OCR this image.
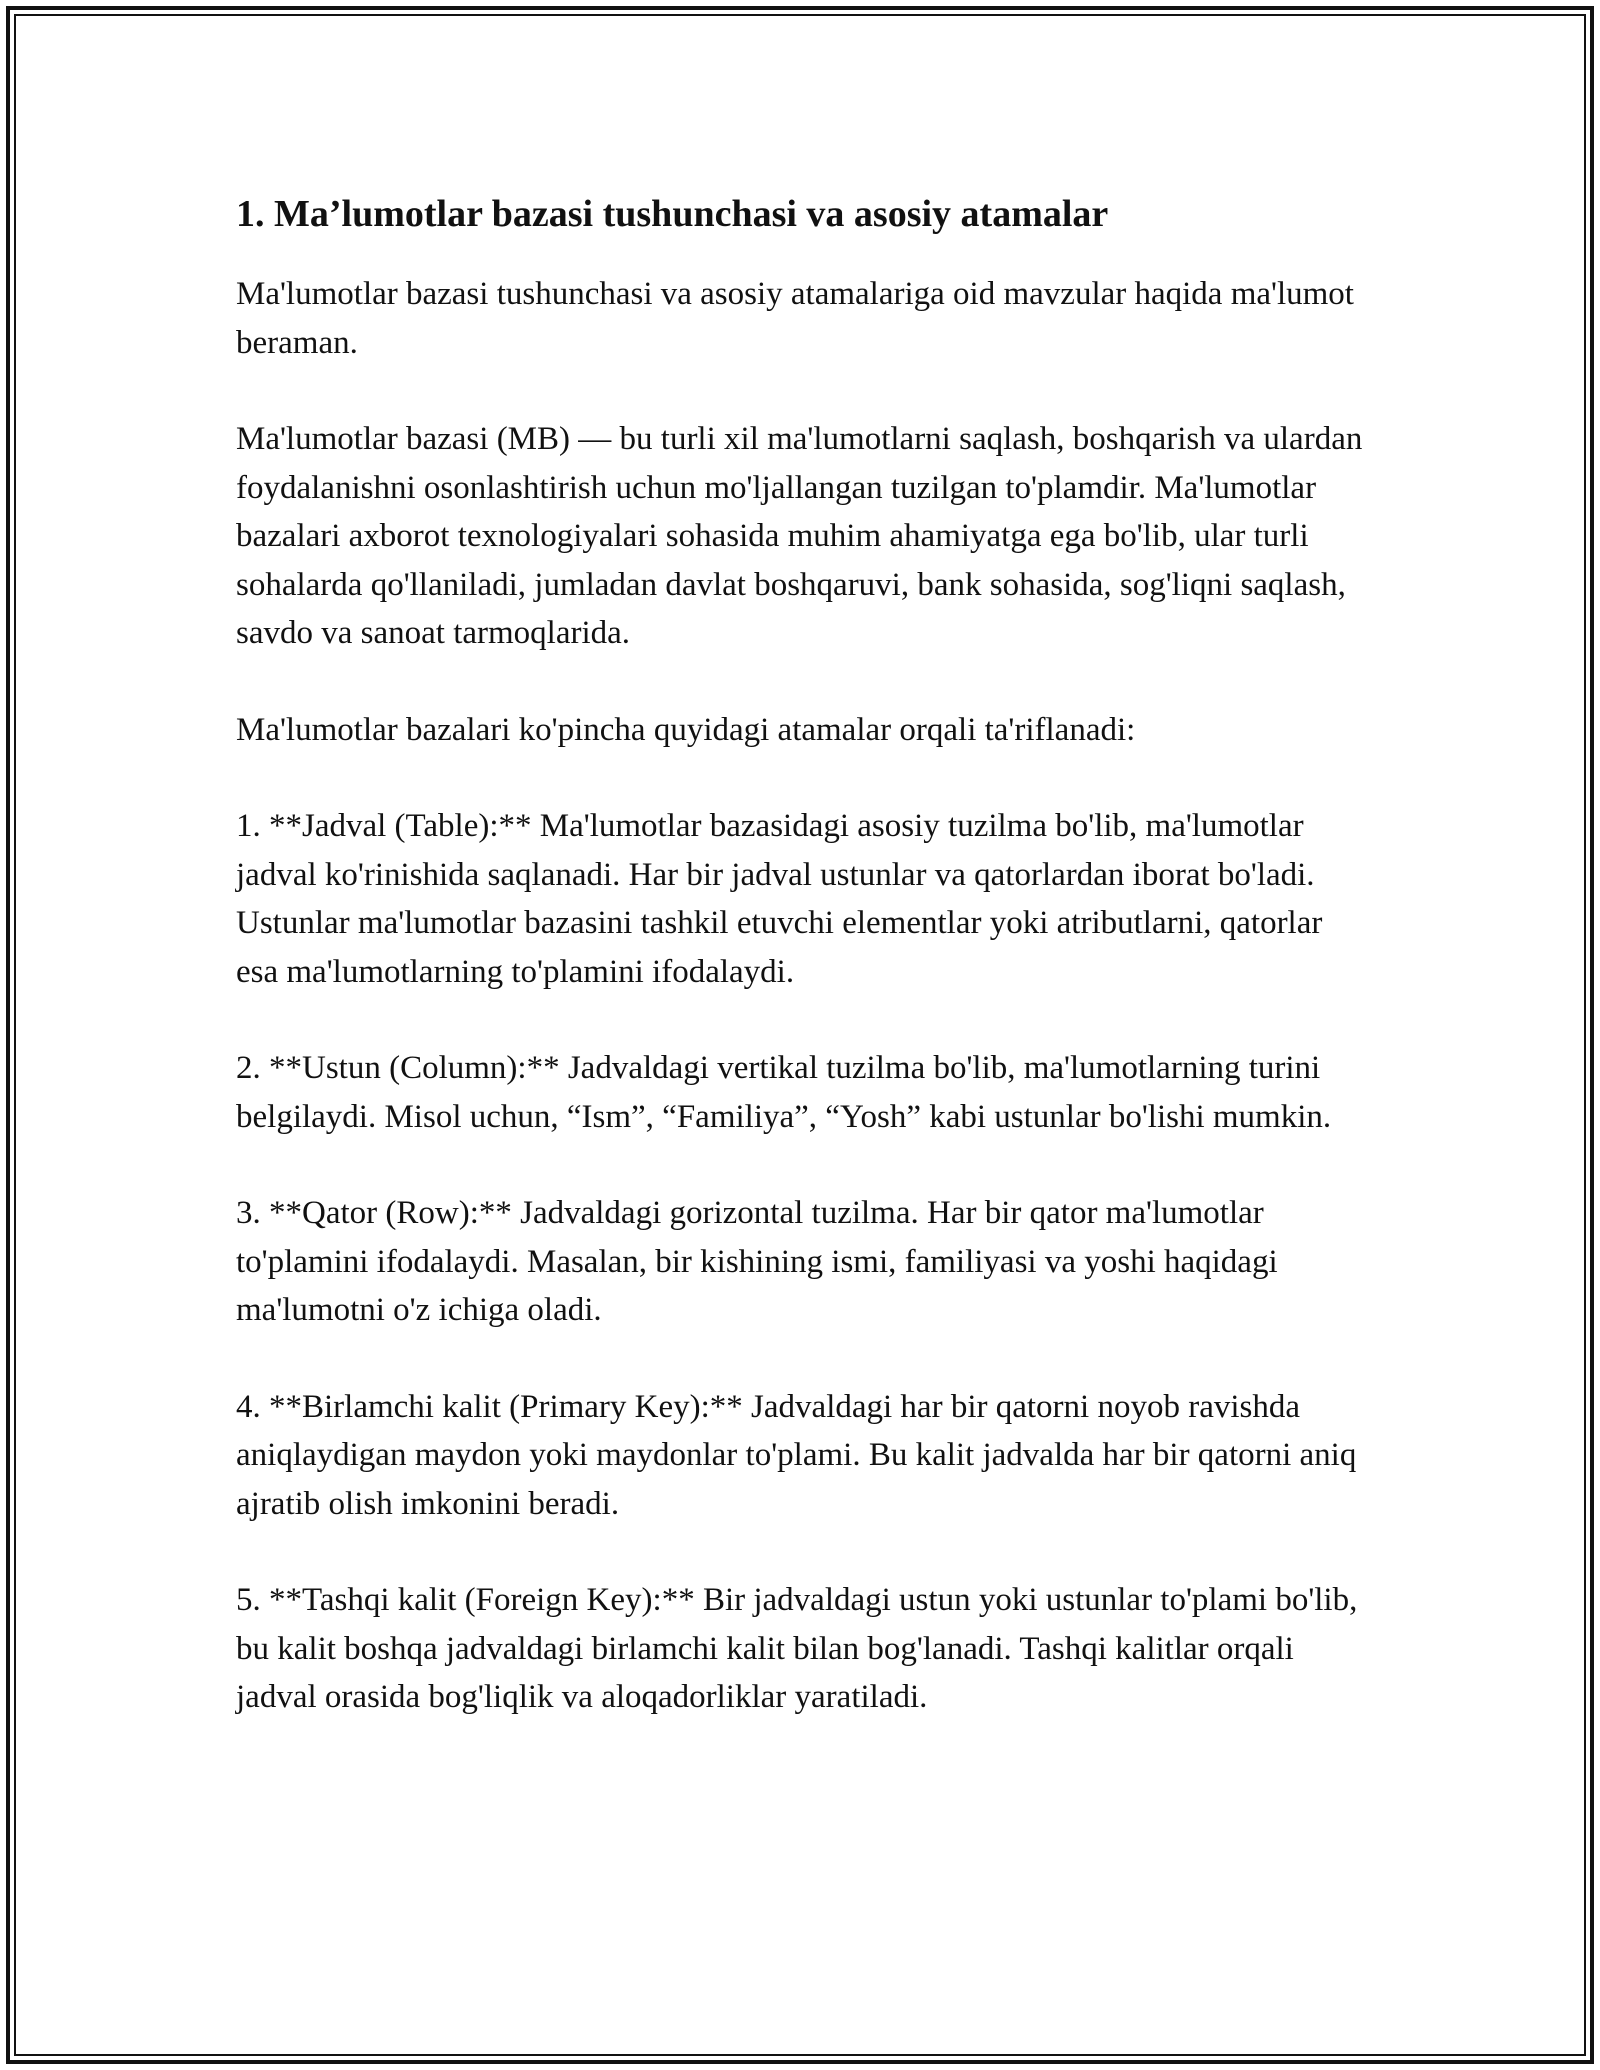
1. Ma’lumotlar bazasi tushunchasi va asosiy atamalar

Ma'lumotlar bazasi tushunchasi va asosiy atamalariga oid mavzular haqida ma'lumot beraman.

Ma'lumotlar bazasi (MB) — bu turli xil ma'lumotlarni saqlash, boshqarish va ulardan foydalanishni osonlashtirish uchun mo'ljallangan tuzilgan to'plamdir. Ma'lumotlar bazalari axborot texnologiyalari sohasida muhim ahamiyatga ega bo'lib, ular turli sohalarda qo'llaniladi, jumladan davlat boshqaruvi, bank sohasida, sog'liqni saqlash, savdo va sanoat tarmoqlarida.

Ma'lumotlar bazalari ko'pincha quyidagi atamalar orqali ta'riflanadi:

1. **Jadval (Table):** Ma'lumotlar bazasidagi asosiy tuzilma bo'lib, ma'lumotlar jadval ko'rinishida saqlanadi. Har bir jadval ustunlar va qatorlardan iborat bo'ladi. Ustunlar ma'lumotlar bazasini tashkil etuvchi elementlar yoki atributlarni, qatorlar esa ma'lumotlarning to'plamini ifodalaydi.

2. **Ustun (Column):** Jadvaldagi vertikal tuzilma bo'lib, ma'lumotlarning turini belgilaydi. Misol uchun, “Ism”, “Familiya”, “Yosh” kabi ustunlar bo'lishi mumkin.

3. **Qator (Row):** Jadvaldagi gorizontal tuzilma. Har bir qator ma'lumotlar to'plamini ifodalaydi. Masalan, bir kishining ismi, familiyasi va yoshi haqidagi ma'lumotni o'z ichiga oladi.

4. **Birlamchi kalit (Primary Key):** Jadvaldagi har bir qatorni noyob ravishda aniqlaydigan maydon yoki maydonlar to'plami. Bu kalit jadvalda har bir qatorni aniq ajratib olish imkonini beradi.

5. **Tashqi kalit (Foreign Key):** Bir jadvaldagi ustun yoki ustunlar to'plami bo'lib, bu kalit boshqa jadvaldagi birlamchi kalit bilan bog'lanadi. Tashqi kalitlar orqali jadval orasida bog'liqlik va aloqadorliklar yaratiladi.
